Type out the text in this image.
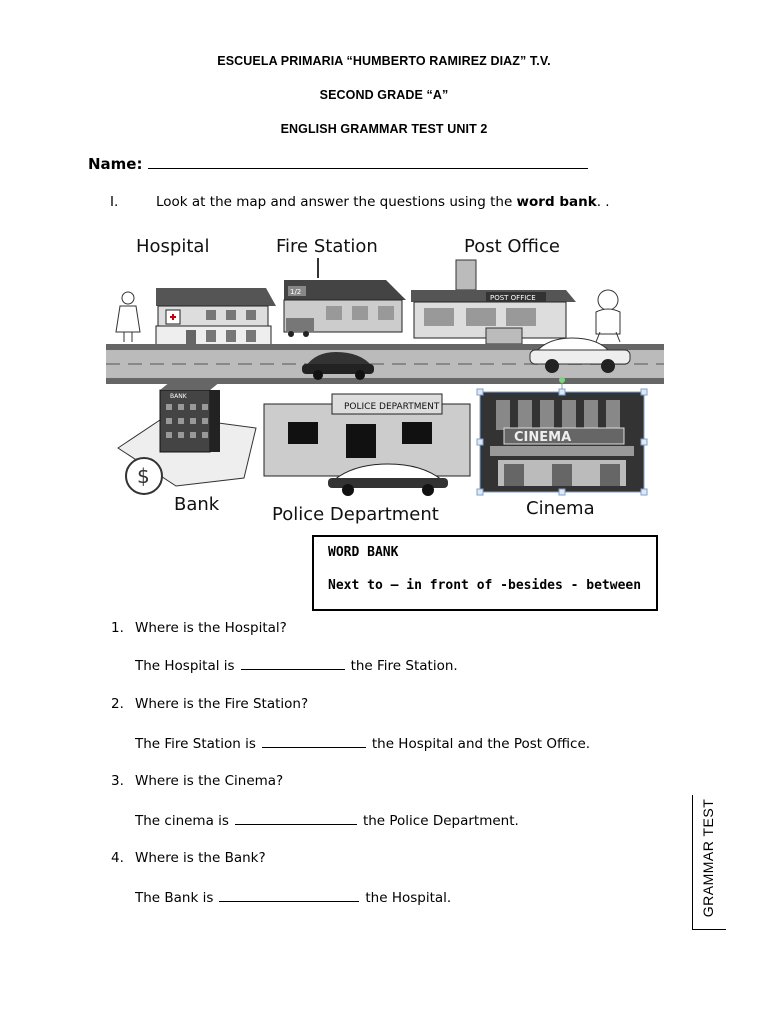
ESCUELA PRIMARIA “HUMBERTO RAMIREZ DIAZ” T.V.
SECOND GRADE “A”
ENGLISH GRAMMAR TEST UNIT 2
Name:
I.	Look at the map and answer the questions using the word bank. .
Hospital	Fire Station	Post Office
1/2
POST OFFICE
BANK
$
Bank
POLICE DEPARTMENT
Police Department
CINEMA
Cinema
WORD BANK
Next to – in front of -besides - between
1. Where is the Hospital?
The Hospital is	the Fire Station.
2. Where is the Fire Station?
The Fire Station is	the Hospital and the Post Office.
3. Where is the Cinema?
The cinema is	the Police Department.
4. Where is the Bank?
The Bank is	the Hospital.	GRAMMAR TEST
